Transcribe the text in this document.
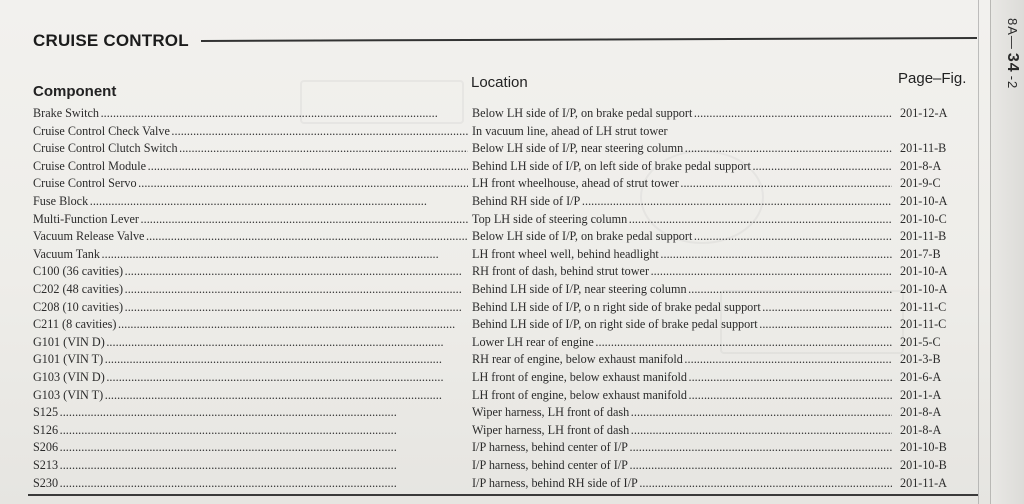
CRUISE CONTROL
Component
Location	Page–Fig.
Brake Switch . . .	Below LH side of I/P, on brake pedal support . . .	201-12-A
Cruise Control Check Valve . . .	In vacuum line, ahead of LH strut tower
Cruise Control Clutch Switch . . .	Below LH side of I/P, near steering column . . .	201-11-B
Cruise Control Module . . .	Behind LH side of I/P, on left side of brake pedal support . . .	201-8-A
Cruise Control Servo . . .	LH front wheelhouse, ahead of strut tower . . .	201-9-C
Fuse Block . . .	Behind RH side of I/P . . .	201-10-A
Multi-Function Lever . . .	Top LH side of steering column . . .	201-10-C
Vacuum Release Valve . . .	Below LH side of I/P, on brake pedal support . . .	201-11-B
Vacuum Tank . . .	LH front wheel well, behind headlight . . .	201-7-B
C100 (36 cavities) . . .	RH front of dash, behind strut tower . . .	201-10-A
C202 (48 cavities) . . .	Behind LH side of I/P, near steering column . . .	201-10-A
C208 (10 cavities) . . .	Behind LH side of I/P, o n right side of brake pedal support . . .	201-11-C
C211 (8 cavities) . . .	Behind LH side of I/P, on right side of brake pedal support . . .	201-11-C
G101 (VIN D) . . .	Lower LH rear of engine . . .	201-5-C
G101 (VIN T) . . .	RH rear of engine, below exhaust manifold . . .	201-3-B
G103 (VIN D) . . .	LH front of engine, below exhaust manifold . . .	201-6-A
G103 (VIN T) . . .	LH front of engine, below exhaust manifold . . .	201-1-A
S125 . . .	Wiper harness, LH front of dash . . .	201-8-A
S126 . . .	Wiper harness, LH front of dash . . .	201-8-A
S206 . . .	I/P harness, behind center of I/P . . .	201-10-B
S213 . . .	I/P harness, behind center of I/P . . .	201-10-B
S230 . . .	I/P harness, behind RH side of I/P . . .	201-11-A
8A—34-2
